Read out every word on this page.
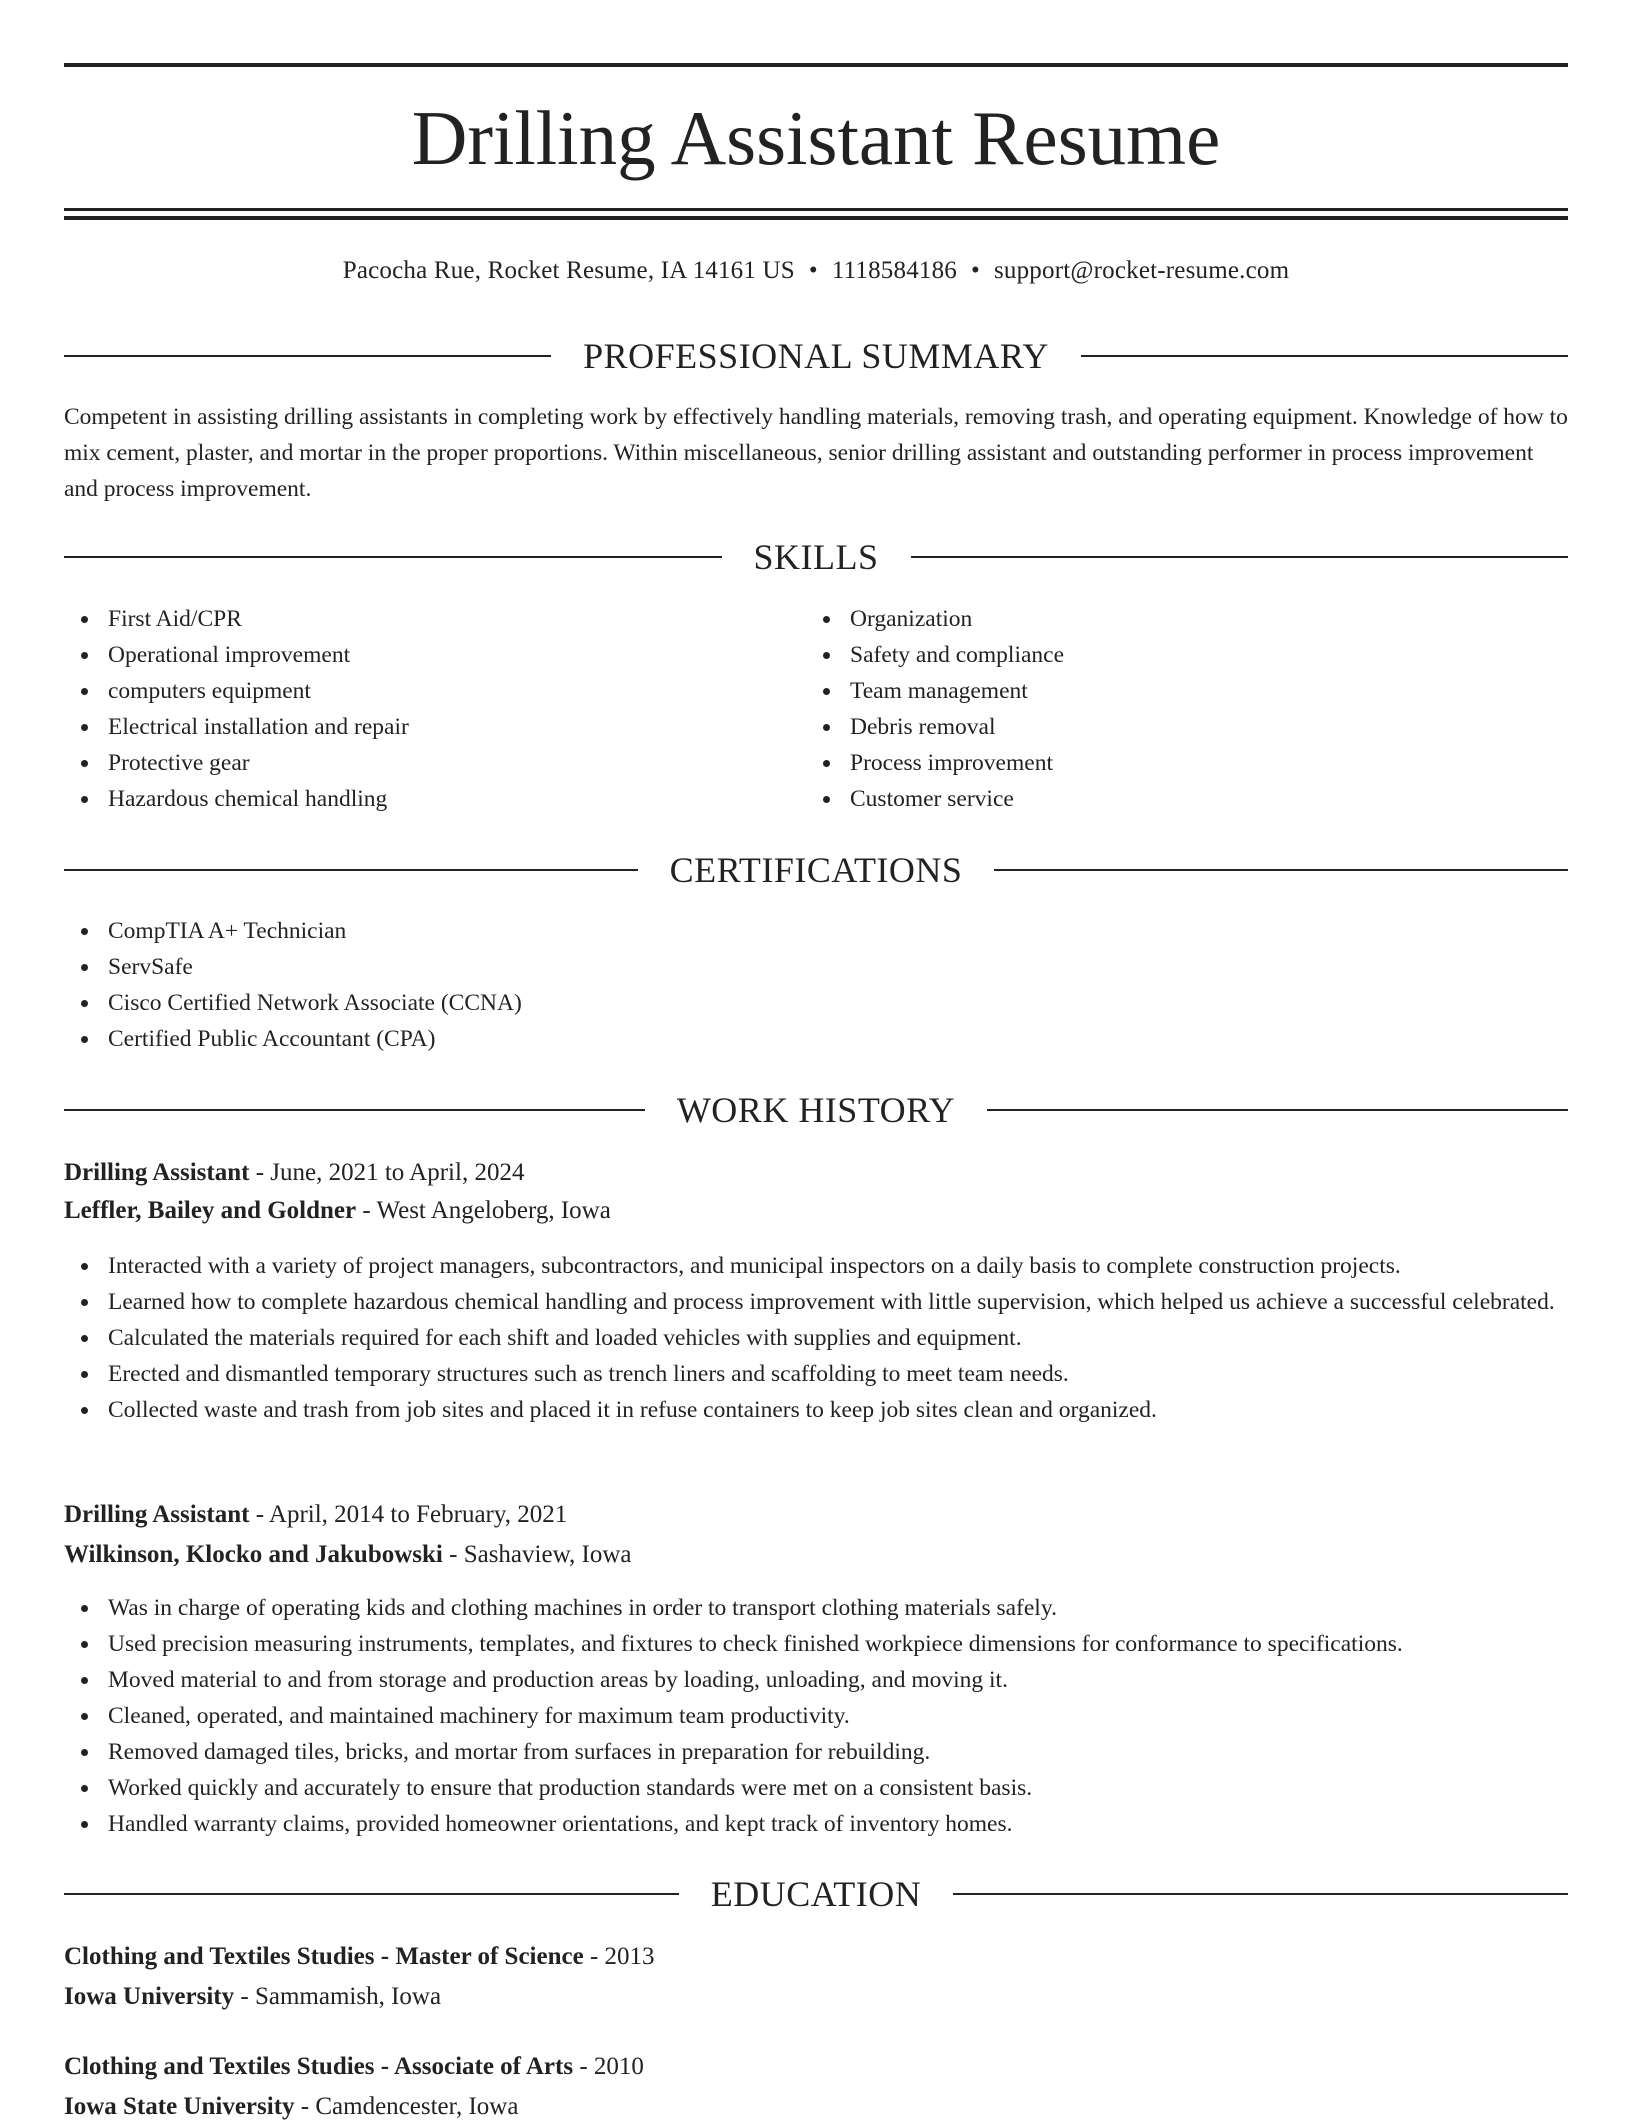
Drilling Assistant Resume
Pacocha Rue, Rocket Resume, IA 14161 US • 1118584186 • support@rocket-resume.com
PROFESSIONAL SUMMARY

Competent in assisting drilling assistants in completing work by effectively handling materials, removing trash, and operating equipment. Knowledge of how to mix cement, plaster, and mortar in the proper proportions. Within miscellaneous, senior drilling assistant and outstanding performer in process improvement and process improvement.

SKILLS
First Aid/CPR
Operational improvement
computers equipment
Electrical installation and repair
Protective gear
Hazardous chemical handling
Organization
Safety and compliance
Team management
Debris removal
Process improvement
Customer service
CERTIFICATIONS
CompTIA A+ Technician
ServSafe
Cisco Certified Network Associate (CCNA)
Certified Public Accountant (CPA)
WORK HISTORY
Drilling Assistant - June, 2021 to April, 2024
Leffler, Bailey and Goldner - West Angeloberg, Iowa
Interacted with a variety of project managers, subcontractors, and municipal inspectors on a daily basis to complete construction projects.
Learned how to complete hazardous chemical handling and process improvement with little supervision, which helped us achieve a successful celebrated.
Calculated the materials required for each shift and loaded vehicles with supplies and equipment.
Erected and dismantled temporary structures such as trench liners and scaffolding to meet team needs.
Collected waste and trash from job sites and placed it in refuse containers to keep job sites clean and organized.
Drilling Assistant - April, 2014 to February, 2021
Wilkinson, Klocko and Jakubowski - Sashaview, Iowa
Was in charge of operating kids and clothing machines in order to transport clothing materials safely.
Used precision measuring instruments, templates, and fixtures to check finished workpiece dimensions for conformance to specifications.
Moved material to and from storage and production areas by loading, unloading, and moving it.
Cleaned, operated, and maintained machinery for maximum team productivity.
Removed damaged tiles, bricks, and mortar from surfaces in preparation for rebuilding.
Worked quickly and accurately to ensure that production standards were met on a consistent basis.
Handled warranty claims, provided homeowner orientations, and kept track of inventory homes.
EDUCATION
Clothing and Textiles Studies - Master of Science - 2013
Iowa University - Sammamish, Iowa
Clothing and Textiles Studies - Associate of Arts - 2010
Iowa State University - Camdencester, Iowa
